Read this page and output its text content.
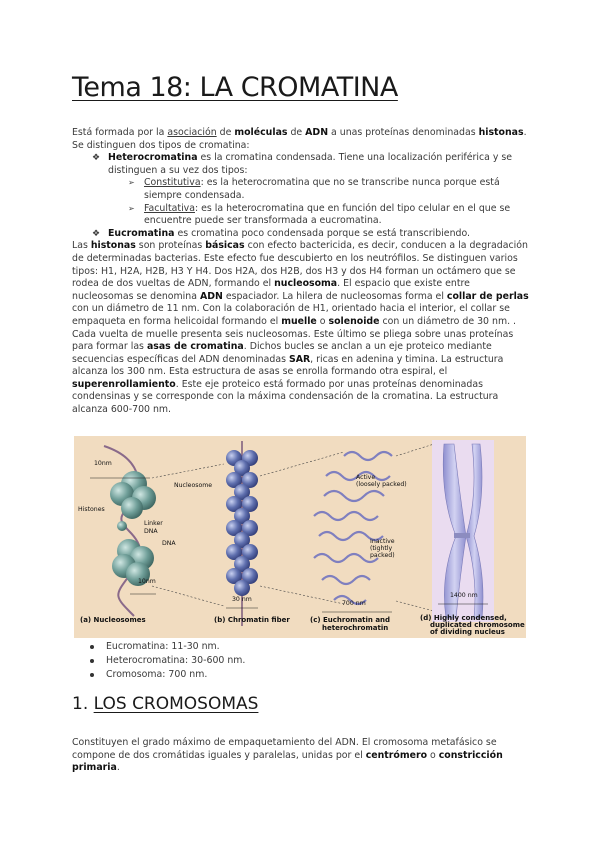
Tema 18: LA CROMATINA
Está formada por la asociación de moléculas de ADN a unas proteínas denominadas histonas. Se distinguen dos tipos de cromatina:
❖ Heterocromatina es la cromatina condensada. Tiene una localización periférica y se distinguen a su vez dos tipos:
➢ Constitutiva: es la heterocromatina que no se transcribe nunca porque está siempre condensada.
➢ Facultativa: es la heterocromatina que en función del tipo celular en el que se encuentre puede ser transformada a eucromatina.
❖ Eucromatina es cromatina poco condensada porque se está transcribiendo.
Las histonas son proteínas básicas con efecto bactericida, es decir, conducen a la degradación de determinadas bacterias. Este efecto fue descubierto en los neutrófilos. Se distinguen varios tipos: H1, H2A, H2B, H3 Y H4. Dos H2A, dos H2B, dos H3 y dos H4 forman un octámero que se rodea de dos vueltas de ADN, formando el nucleosoma. El espacio que existe entre nucleosomas se denomina ADN espaciador. La hilera de nucleosomas forma el collar de perlas con un diámetro de 11 nm. Con la colaboración de H1, orientado hacia el interior, el collar se empaqueta en forma helicoidal formando el muelle o solenoide con un diámetro de 30 nm. . Cada vuelta de muelle presenta seis nucleosomas. Este último se pliega sobre unas proteínas para formar las asas de cromatina. Dichos bucles se anclan a un eje proteico mediante secuencias específicas del ADN denominadas SAR, ricas en adenina y timina. La estructura alcanza los 300 nm. Esta estructura de asas se enrolla formando otra espiral, el superenrollamiento. Este eje proteico está formado por unas proteínas denominadas condensinas y se corresponde con la máxima condensación de la cromatina. La estructura alcanza 600-700 nm.
10nm
Nucleosome
Histones
Linker
DNA
DNA
10nm
30 nm
Active
(loosely packed)
Inactive
(tightly
packed)
700 nm
1400 nm
(a) Nucleosomes	(b) Chromatin fiber	(c) Euchromatin and
heterochromatin
(d) Highly condensed,
duplicated chromosome
of dividing nucleus
Eucromatina: 11-30 nm.
Heterocromatina: 30-600 nm.
Cromosoma: 700 nm.
1. LOS CROMOSOMAS
Constituyen el grado máximo de empaquetamiento del ADN. El cromosoma metafásico se compone de dos cromátidas iguales y paralelas, unidas por el centrómero o constricción primaria.
